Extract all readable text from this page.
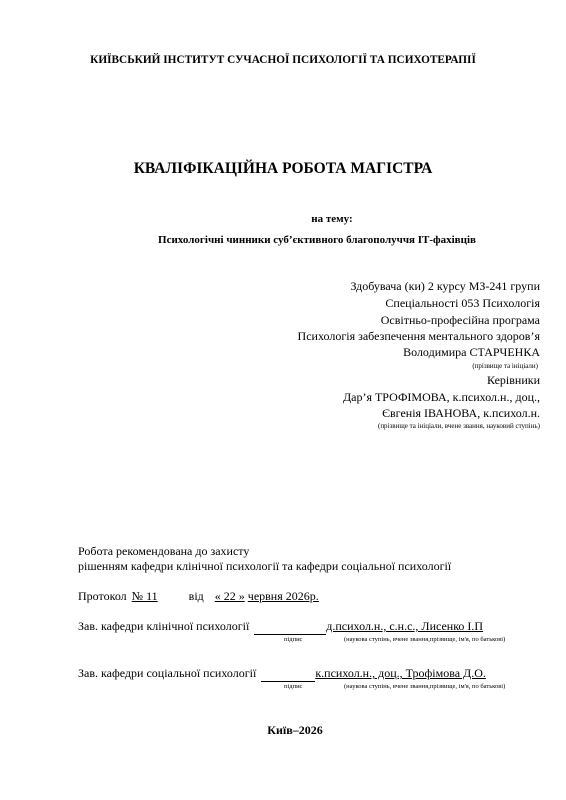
КИЇВСЬКИЙ ІНСТИТУТ СУЧАСНОЇ ПСИХОЛОГІЇ ТА ПСИХОТЕРАПІЇ
КВАЛІФІКАЦІЙНА РОБОТА МАГІСТРА
на тему:
Психологічні чинники суб’єктивного благополуччя ІТ-фахівців
Здобувача (ки) 2 курсу МЗ-241 групи
Спеціальності 053 Психологія
Освітньо-професійна програма
Психологія забезпечення ментального здоров’я
Володимира СТАРЧЕНКА
(прізвище та ініціали)
Керівники
Дар’я ТРОФІМОВА, к.психол.н., доц.,
Євгенія ІВАНОВА, к.психол.н.
(прізвище та ініціали, вчене звання, науковий ступінь)
Робота рекомендована до захисту
рішенням кафедри клінічної психології та кафедри соціальної психології
Протокол № 11	від « 22 » червня 2026р.
Зав. кафедри клінічної психології	д.психол.н., с.н.с., Лисенко І.П
підпис	(наукова ступінь, вчене звання,прізвище, ім'я, по батькові)
Зав. кафедри соціальної психології	к.психол.н., доц., Трофімова Д.О.
підпис	(наукова ступінь, вчене звання,прізвище, ім'я, по батькові)
Київ–2026
